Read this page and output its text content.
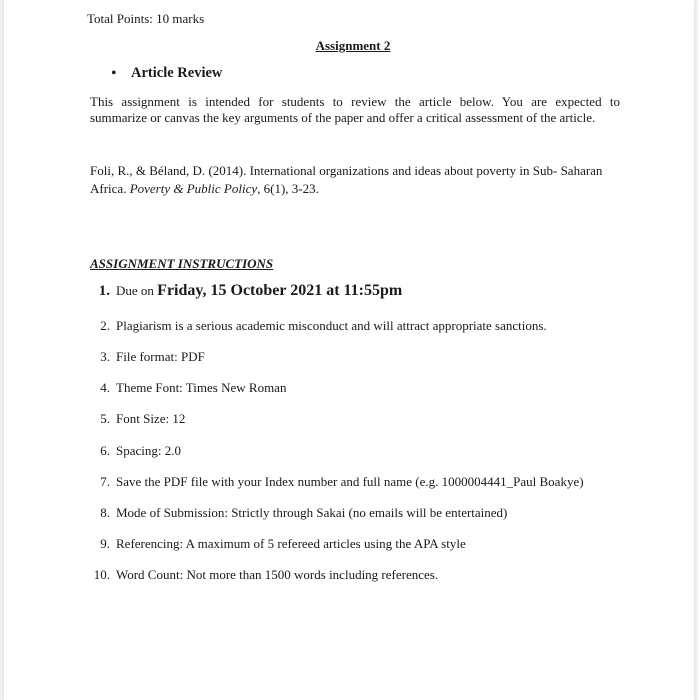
Total Points: 10 marks
Assignment 2
• Article Review
This assignment is intended for students to review the article below. You are expected to
summarize or canvas the key arguments of the paper and offer a critical assessment of the article.
Foli, R., & Béland, D. (2014). International organizations and ideas about poverty in Sub- Saharan
Africa. Poverty & Public Policy, 6(1), 3-23.
ASSIGNMENT INSTRUCTIONS
1. Due on Friday, 15 October 2021 at 11:55pm
2. Plagiarism is a serious academic misconduct and will attract appropriate sanctions.
3. File format: PDF
4. Theme Font: Times New Roman
5. Font Size: 12
6. Spacing: 2.0
7. Save the PDF file with your Index number and full name (e.g. 1000004441_Paul Boakye)
8. Mode of Submission: Strictly through Sakai (no emails will be entertained)
9. Referencing: A maximum of 5 refereed articles using the APA style
10. Word Count: Not more than 1500 words including references.
